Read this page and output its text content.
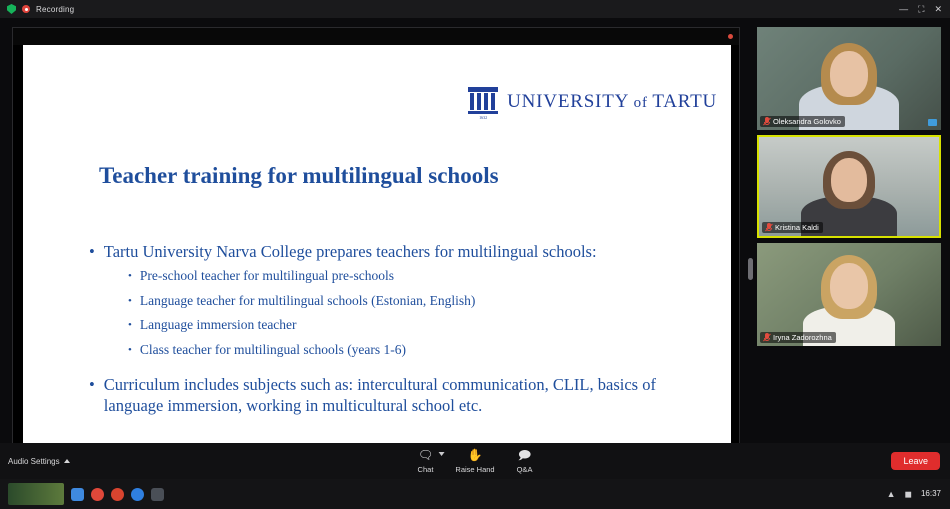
Recording	— ⛶ ✕
1632
UNIVERSITY of TARTU
Teacher training for multilingual schools
• Tartu University Narva College prepares teachers for multilingual schools:
• Pre-school teacher for multilingual pre-schools
• Language teacher for multilingual schools (Estonian, English)
• Language immersion teacher
• Class teacher for multilingual schools (years 1-6)
• Curriculum includes subjects such as: intercultural communication, CLIL, basics of language immersion, working in multicultural school etc.
Oleksandra Golovko
Kristina Kaldi
Iryna Zadorozhna
Audio Settings	🗨
Chat
✋
Raise Hand
🗩
Q&A
Leave
▲ ◼ 16:37
